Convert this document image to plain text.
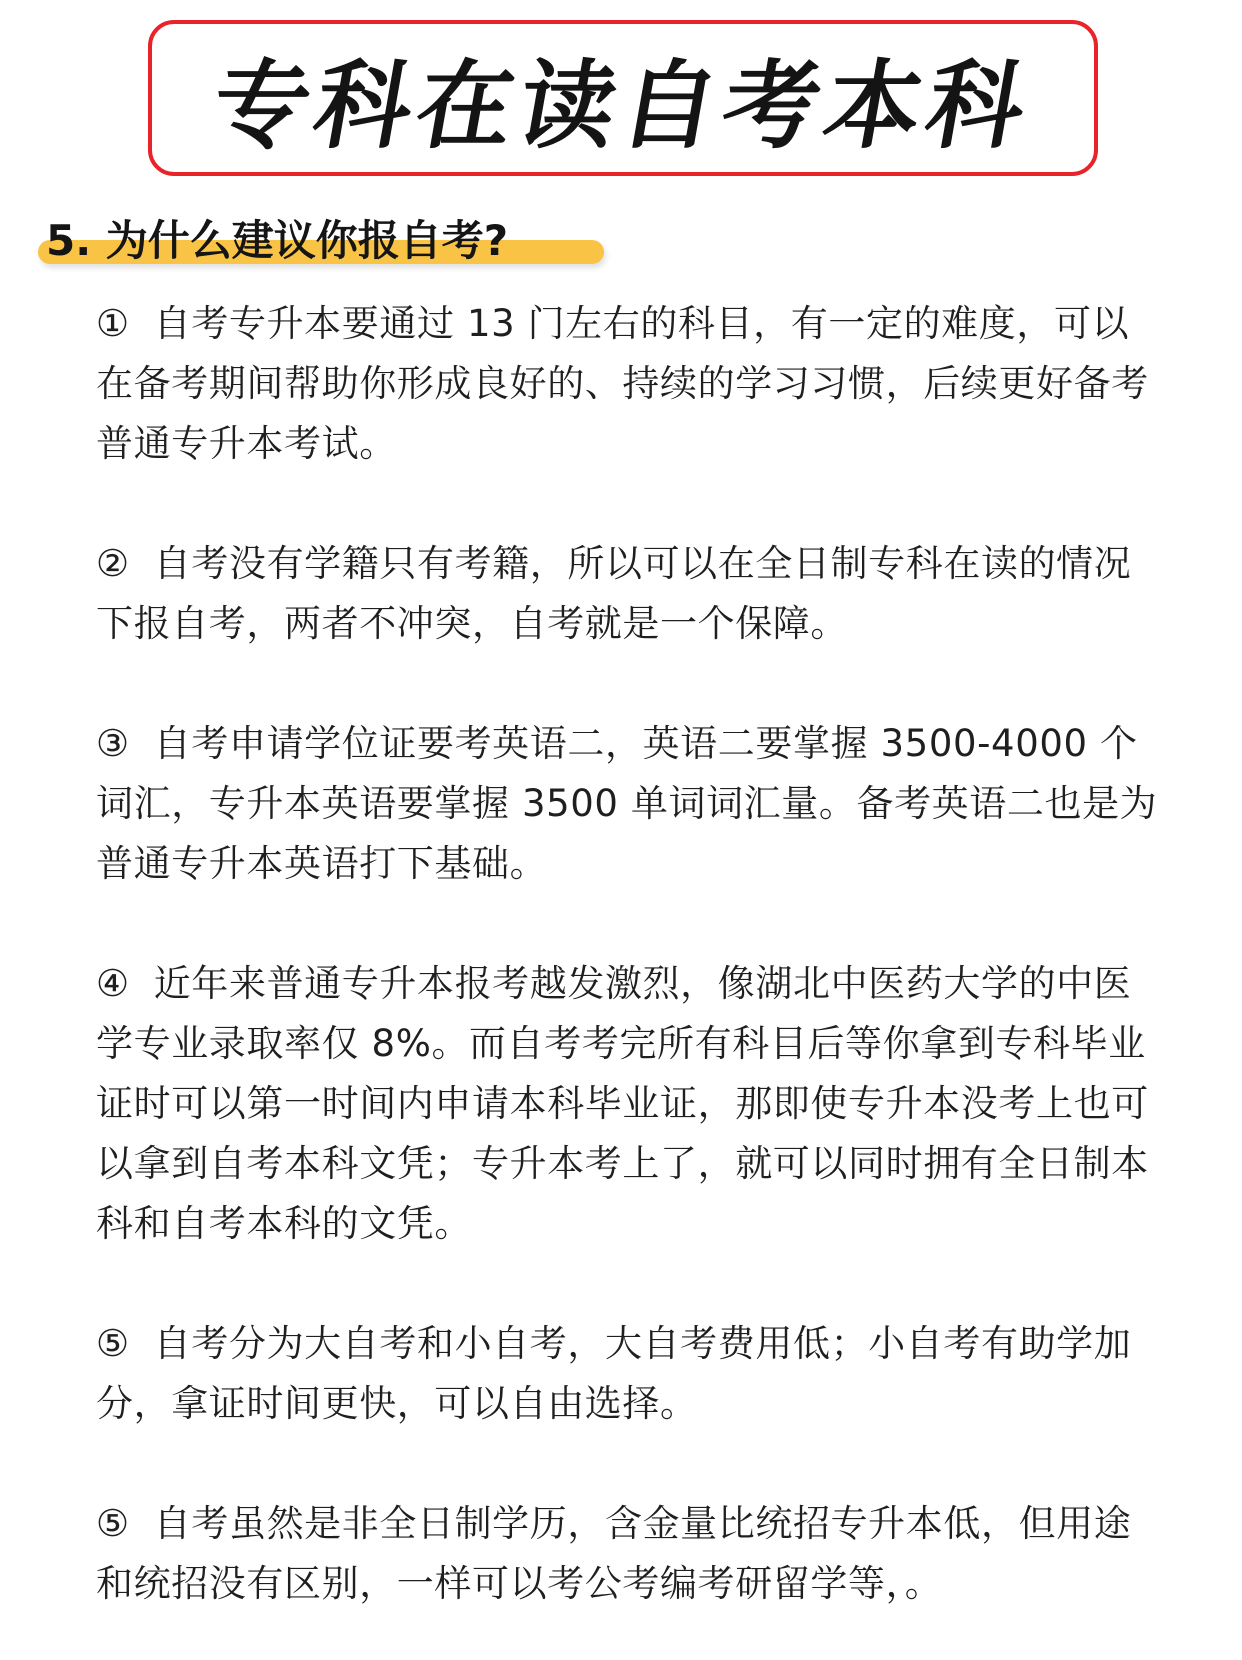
专科在读自考本科
5. 为什么建议你报自考?

① 自考专升本要通过 13 门左右的科目，有一定的难度，可以在备考期间帮助你形成良好的、持续的学习习惯，后续更好备考普通专升本考试。

② 自考没有学籍只有考籍，所以可以在全日制专科在读的情况下报自考，两者不冲突，自考就是一个保障。

③ 自考申请学位证要考英语二，英语二要掌握 3500-4000 个词汇，专升本英语要掌握 3500 单词词汇量。备考英语二也是为普通专升本英语打下基础。

④ 近年来普通专升本报考越发激烈，像湖北中医药大学的中医学专业录取率仅 8%。而自考考完所有科目后等你拿到专科毕业证时可以第一时间内申请本科毕业证，那即使专升本没考上也可以拿到自考本科文凭；专升本考上了，就可以同时拥有全日制本科和自考本科的文凭。

⑤ 自考分为大自考和小自考，大自考费用低；小自考有助学加分，拿证时间更快，可以自由选择。

⑤ 自考虽然是非全日制学历，含金量比统招专升本低，但用途和统招没有区别，一样可以考公考编考研留学等，。
